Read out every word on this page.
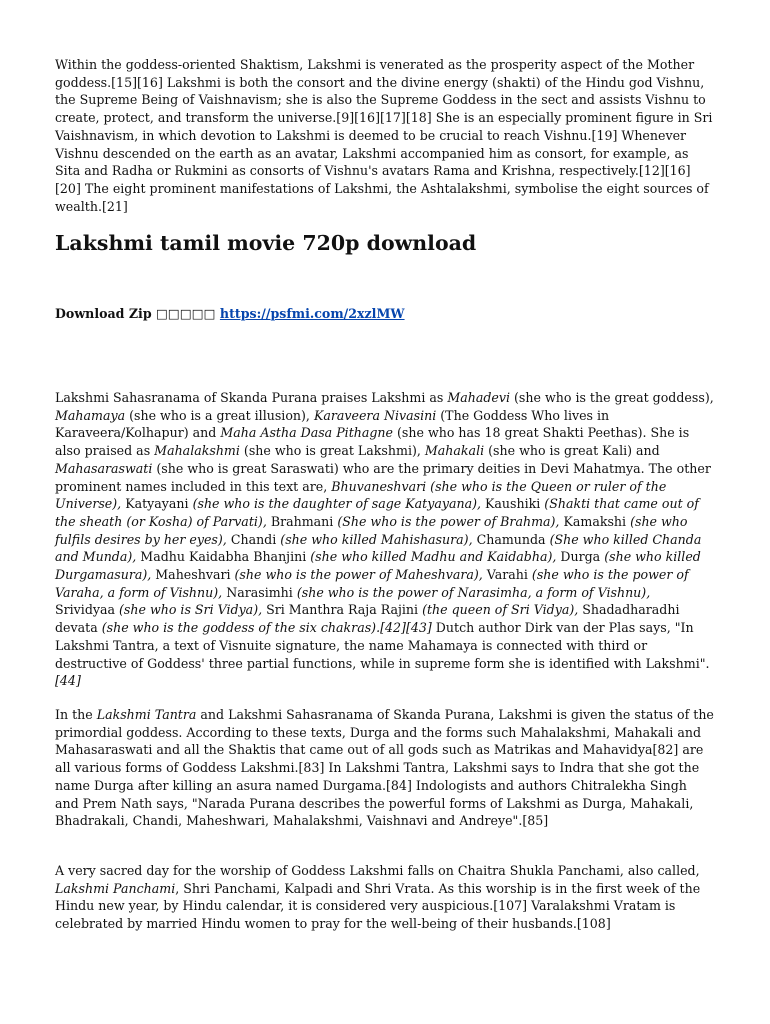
Within the goddess-oriented Shaktism, Lakshmi is venerated as the prosperity aspect of the Mother goddess.[15][16] Lakshmi is both the consort and the divine energy (shakti) of the Hindu god Vishnu, the Supreme Being of Vaishnavism; she is also the Supreme Goddess in the sect and assists Vishnu to create, protect, and transform the universe.[9][16][17][18] She is an especially prominent figure in Sri Vaishnavism, in which devotion to Lakshmi is deemed to be crucial to reach Vishnu.[19] Whenever Vishnu descended on the earth as an avatar, Lakshmi accompanied him as consort, for example, as Sita and Radha or Rukmini as consorts of Vishnu's avatars Rama and Krishna, respectively.[12][16][20] The eight prominent manifestations of Lakshmi, the Ashtalakshmi, symbolise the eight sources of wealth.[21]

Lakshmi tamil movie 720p download
Download Zip □□□□□ https://psfmi.com/2xzlMW

Lakshmi Sahasranama of Skanda Purana praises Lakshmi as Mahadevi (she who is the great goddess), Mahamaya (she who is a great illusion), Karaveera Nivasini (The Goddess Who lives in Karaveera/Kolhapur) and Maha Astha Dasa Pithagne (she who has 18 great Shakti Peethas). She is also praised as Mahalakshmi (she who is great Lakshmi), Mahakali (she who is great Kali) and Mahasaraswati (she who is great Saraswati) who are the primary deities in Devi Mahatmya. The other prominent names included in this text are, Bhuvaneshvari (she who is the Queen or ruler of the Universe), Katyayani (she who is the daughter of sage Katyayana), Kaushiki (Shakti that came out of the sheath (or Kosha) of Parvati), Brahmani (She who is the power of Brahma), Kamakshi (she who fulfils desires by her eyes), Chandi (she who killed Mahishasura), Chamunda (She who killed Chanda and Munda), Madhu Kaidabha Bhanjini (she who killed Madhu and Kaidabha), Durga (she who killed Durgamasura), Maheshvari (she who is the power of Maheshvara), Varahi (she who is the power of Varaha, a form of Vishnu), Narasimhi (she who is the power of Narasimha, a form of Vishnu), Srividyaa (she who is Sri Vidya), Sri Manthra Raja Rajini (the queen of Sri Vidya), Shadadharadhi devata (she who is the goddess of the six chakras).[42][43] Dutch author Dirk van der Plas says, "In Lakshmi Tantra, a text of Visnuite signature, the name Mahamaya is connected with third or destructive of Goddess' three partial functions, while in supreme form she is identified with Lakshmi".[44]

In the Lakshmi Tantra and Lakshmi Sahasranama of Skanda Purana, Lakshmi is given the status of the primordial goddess. According to these texts, Durga and the forms such Mahalakshmi, Mahakali and Mahasaraswati and all the Shaktis that came out of all gods such as Matrikas and Mahavidya[82] are all various forms of Goddess Lakshmi.[83] In Lakshmi Tantra, Lakshmi says to Indra that she got the name Durga after killing an asura named Durgama.[84] Indologists and authors Chitralekha Singh and Prem Nath says, "Narada Purana describes the powerful forms of Lakshmi as Durga, Mahakali, Bhadrakali, Chandi, Maheshwari, Mahalakshmi, Vaishnavi and Andreye".[85]

A very sacred day for the worship of Goddess Lakshmi falls on Chaitra Shukla Panchami, also called, Lakshmi Panchami, Shri Panchami, Kalpadi and Shri Vrata. As this worship is in the first week of the Hindu new year, by Hindu calendar, it is considered very auspicious.[107] Varalakshmi Vratam is celebrated by married Hindu women to pray for the well-being of their husbands.[108]
